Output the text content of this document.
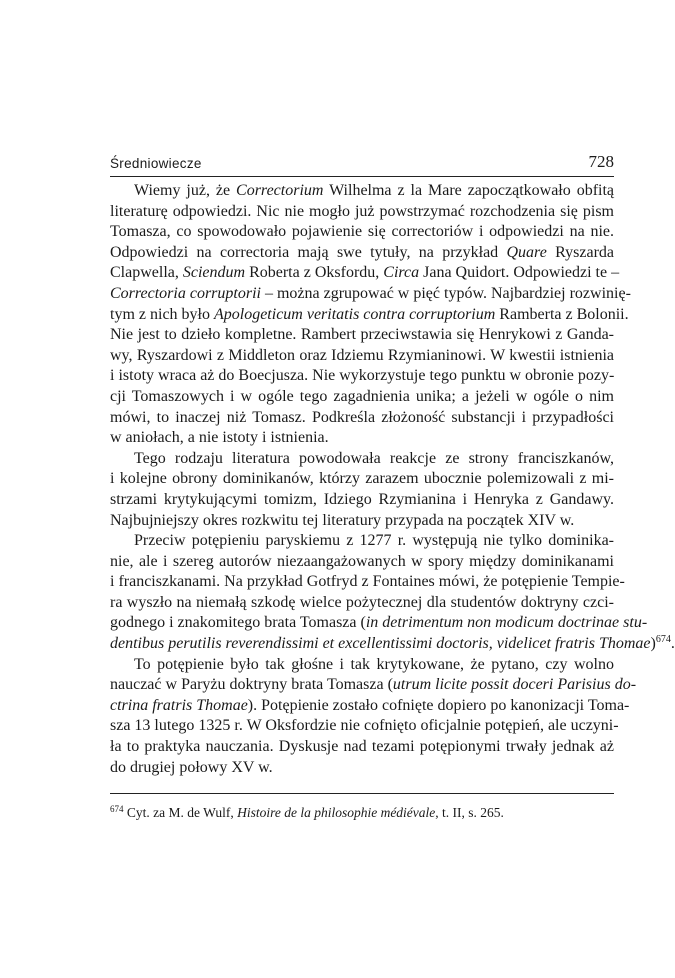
Średniowiecze	728
Wiemy już, że Correctorium Wilhelma z la Mare zapoczątkowało obfitą
literaturę odpowiedzi. Nic nie mogło już powstrzymać rozchodzenia się pism
Tomasza, co spowodowało pojawienie się correctoriów i odpowiedzi na nie.
Odpowiedzi na correctoria mają swe tytuły, na przykład Quare Ryszarda
Clapwella, Sciendum Roberta z Oksfordu, Circa Jana Quidort. Odpowiedzi te –
Correctoria corruptorii – można zgrupować w pięć typów. Najbardziej rozwinię-
tym z nich było Apologeticum veritatis contra corruptorium Ramberta z Bolonii.
Nie jest to dzieło kompletne. Rambert przeciwstawia się Henrykowi z Ganda-
wy, Ryszardowi z Middleton oraz Idziemu Rzymianinowi. W kwestii istnienia
i istoty wraca aż do Boecjusza. Nie wykorzystuje tego punktu w obronie pozy-
cji Tomaszowych i w ogóle tego zagadnienia unika; a jeżeli w ogóle o nim
mówi, to inaczej niż Tomasz. Podkreśla złożoność substancji i przypadłości
w aniołach, a nie istoty i istnienia.
Tego rodzaju literatura powodowała reakcje ze strony franciszkanów,
i kolejne obrony dominikanów, którzy zarazem ubocznie polemizowali z mi-
strzami krytykującymi tomizm, Idziego Rzymianina i Henryka z Gandawy.
Najbujniejszy okres rozkwitu tej literatury przypada na początek XIV w.
Przeciw potępieniu paryskiemu z 1277 r. występują nie tylko dominika-
nie, ale i szereg autorów niezaangażowanych w spory między dominikanami
i franciszkanami. Na przykład Gotfryd z Fontaines mówi, że potępienie Tempie-
ra wyszło na niemałą szkodę wielce pożytecznej dla studentów doktryny czci-
godnego i znakomitego brata Tomasza (in detrimentum non modicum doctrinae stu-
dentibus perutilis reverendissimi et excellentissimi doctoris, videlicet fratris Thomae)$^{674}$.
To potępienie było tak głośne i tak krytykowane, że pytano, czy wolno
nauczać w Paryżu doktryny brata Tomasza (utrum licite possit doceri Parisius do-
ctrina fratris Thomae). Potępienie zostało cofnięte dopiero po kanonizacji Toma-
sza 13 lutego 1325 r. W Oksfordzie nie cofnięto oficjalnie potępień, ale uczyni-
ła to praktyka nauczania. Dyskusje nad tezami potępionymi trwały jednak aż
do drugiej połowy XV w.
$^{674}$ Cyt. za M. de Wulf, Histoire de la philosophie médiévale, t. II, s. 265.
